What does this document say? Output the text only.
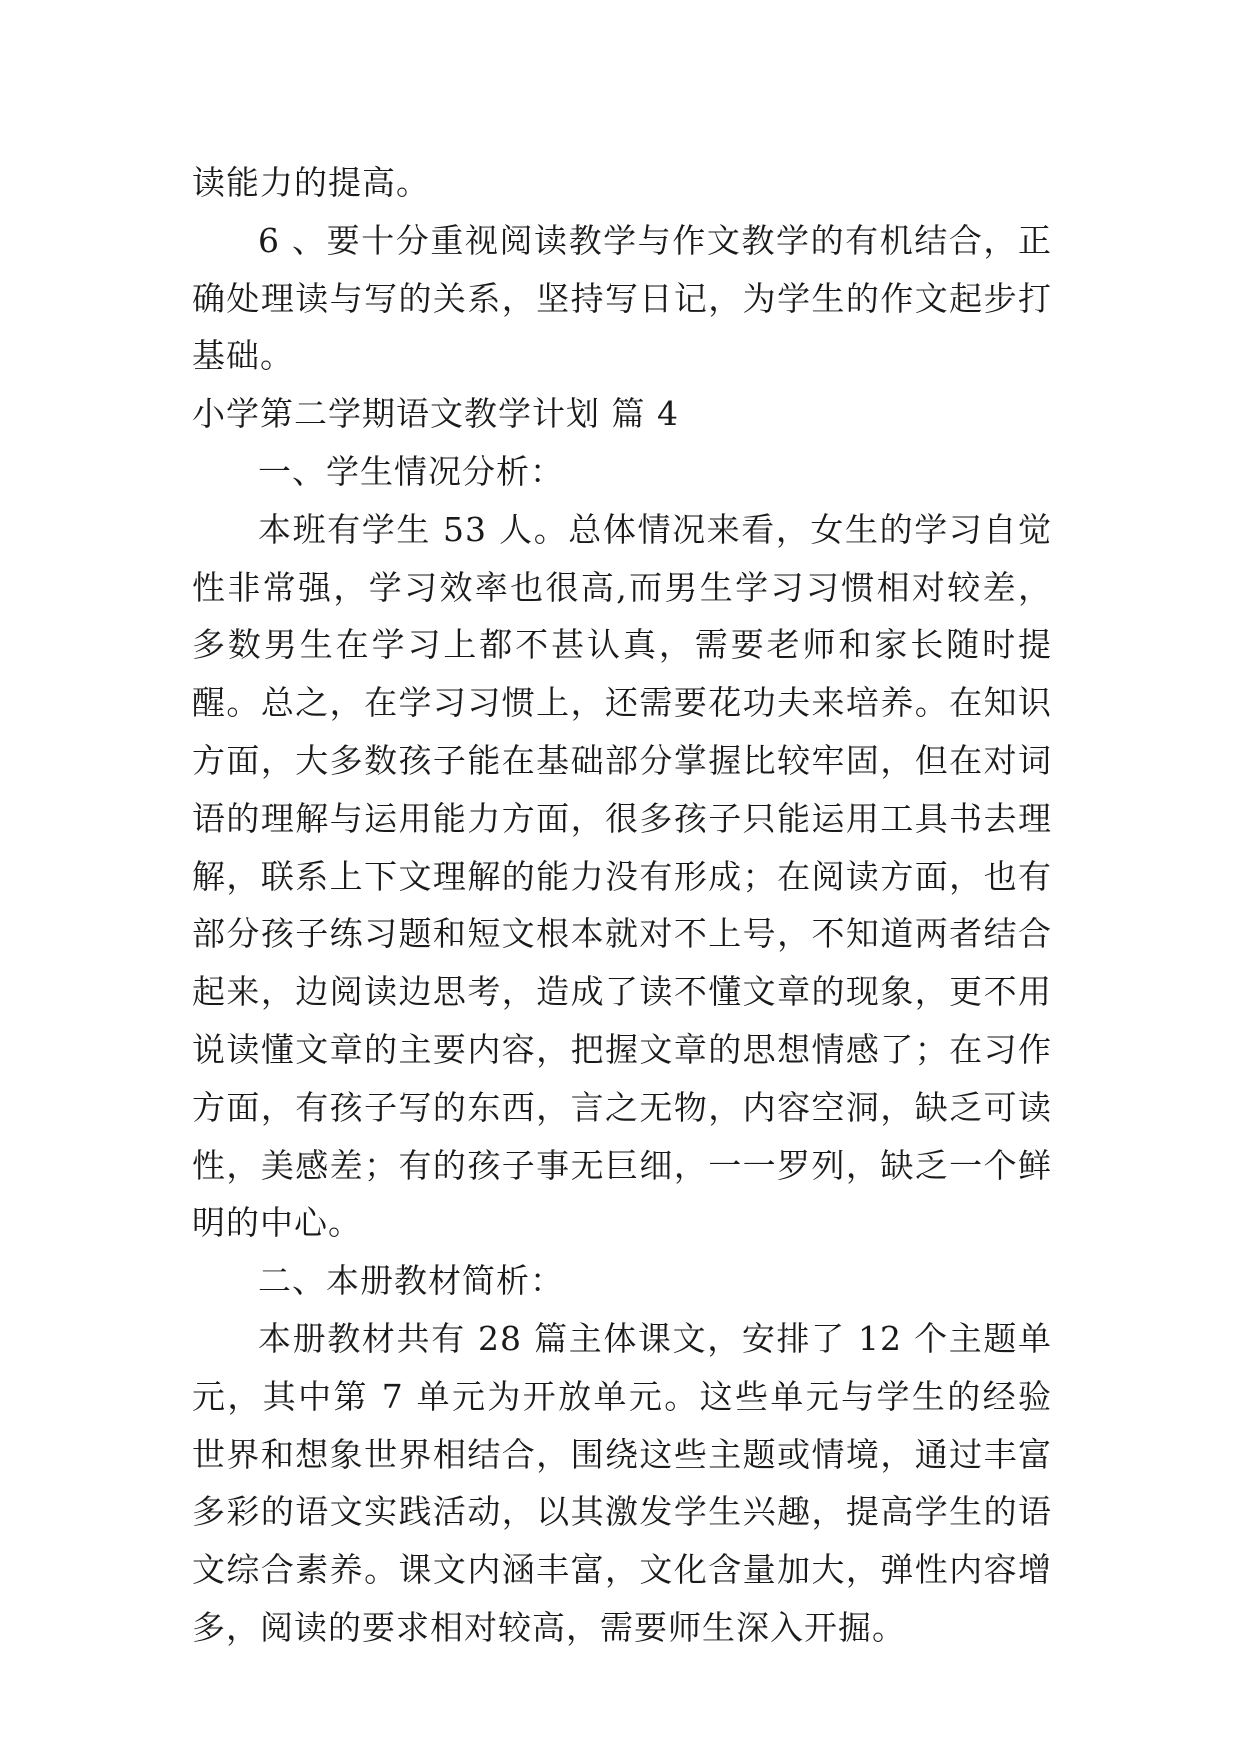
读能力的提高。

6 、要十分重视阅读教学与作文教学的有机结合，正确处理读与写的关系，坚持写日记，为学生的作文起步打基础。

小学第二学期语文教学计划 篇 4

一、学生情况分析：

本班有学生 53 人。总体情况来看，女生的学习自觉性非常强，学习效率也很高,而男生学习习惯相对较差，多数男生在学习上都不甚认真，需要老师和家长随时提醒。总之，在学习习惯上，还需要花功夫来培养。在知识方面，大多数孩子能在基础部分掌握比较牢固，但在对词语的理解与运用能力方面，很多孩子只能运用工具书去理解，联系上下文理解的能力没有形成；在阅读方面，也有部分孩子练习题和短文根本就对不上号，不知道两者结合起来，边阅读边思考，造成了读不懂文章的现象，更不用说读懂文章的主要内容，把握文章的思想情感了；在习作方面，有孩子写的东西，言之无物，内容空洞，缺乏可读性，美感差；有的孩子事无巨细，一一罗列，缺乏一个鲜明的中心。

二、本册教材简析：

本册教材共有 28 篇主体课文，安排了 12 个主题单元，其中第 7 单元为开放单元。这些单元与学生的经验世界和想象世界相结合，围绕这些主题或情境，通过丰富多彩的语文实践活动，以其激发学生兴趣，提高学生的语文综合素养。课文内涵丰富，文化含量加大，弹性内容增多，阅读的要求相对较高，需要师生深入开掘。
